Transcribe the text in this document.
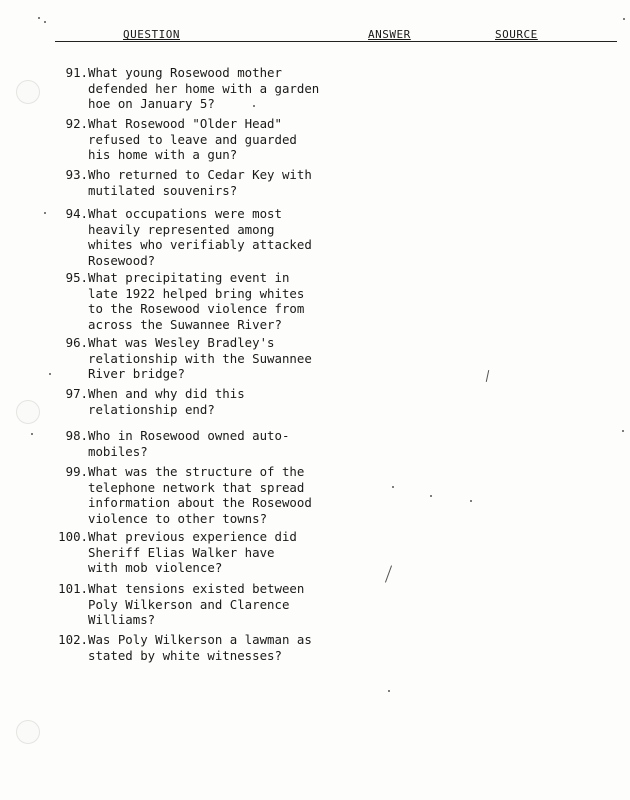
QUESTION	ANSWER	SOURCE
91. What young Rosewood mother
defended her home with a garden
hoe on January 5?
92. What Rosewood "Older Head"
refused to leave and guarded
his home with a gun?
93. Who returned to Cedar Key with
mutilated souvenirs?
94. What occupations were most
heavily represented among
whites who verifiably attacked
Rosewood?
95. What precipitating event in
late 1922 helped bring whites
to the Rosewood violence from
across the Suwannee River?
96. What was Wesley Bradley's
relationship with the Suwannee
River bridge?
97. When and why did this
relationship end?
98. Who in Rosewood owned auto-
mobiles?
99. What was the structure of the
telephone network that spread
information about the Rosewood
violence to other towns?
100. What previous experience did
Sheriff Elias Walker have
with mob violence?
101. What tensions existed between
Poly Wilkerson and Clarence
Williams?
102. Was Poly Wilkerson a lawman as
stated by white witnesses?
